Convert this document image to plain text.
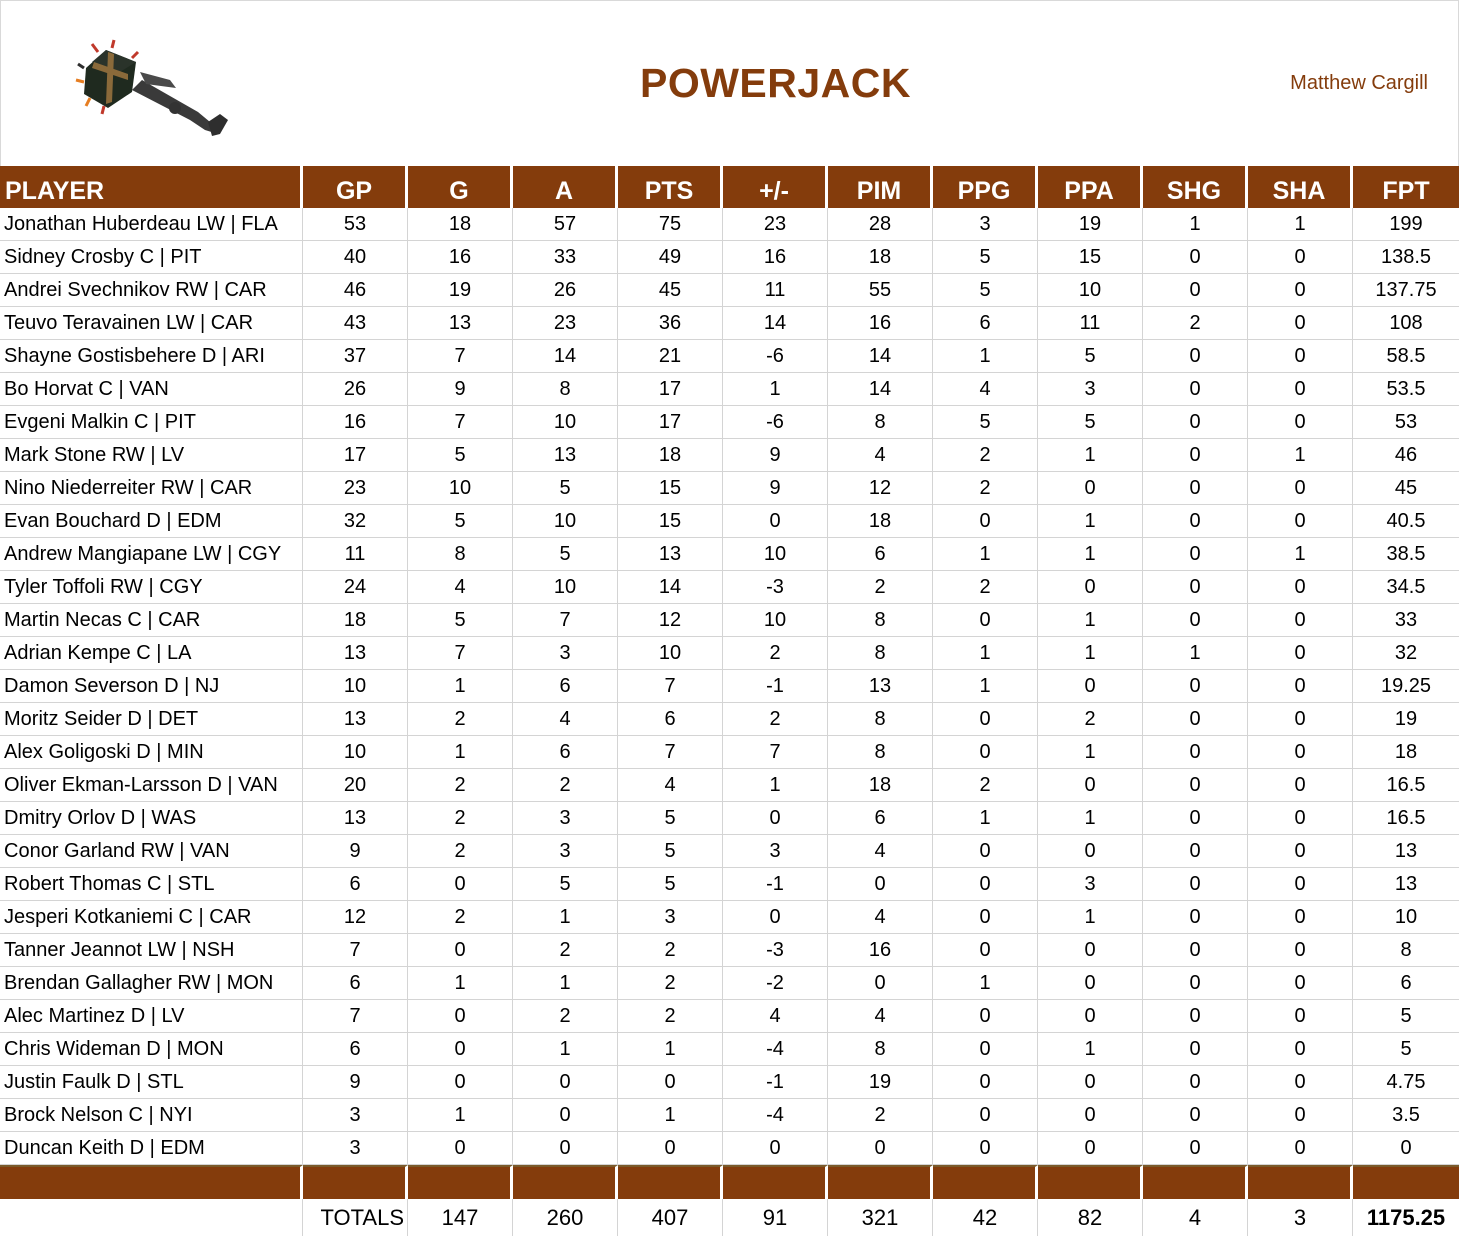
POWERJACK	Matthew Cargill
PLAYER	GP	G	A	PTS	+/-	PIM	PPG	PPA	SHG	SHA	FPT
Jonathan Huberdeau LW | FLA	53	18	57	75	23	28	3	19	1	1	199
Sidney Crosby C | PIT	40	16	33	49	16	18	5	15	0	0	138.5
Andrei Svechnikov RW | CAR	46	19	26	45	11	55	5	10	0	0	137.75
Teuvo Teravainen LW | CAR	43	13	23	36	14	16	6	11	2	0	108
Shayne Gostisbehere D | ARI	37	7	14	21	-6	14	1	5	0	0	58.5
Bo Horvat C | VAN	26	9	8	17	1	14	4	3	0	0	53.5
Evgeni Malkin C | PIT	16	7	10	17	-6	8	5	5	0	0	53
Mark Stone RW | LV	17	5	13	18	9	4	2	1	0	1	46
Nino Niederreiter RW | CAR	23	10	5	15	9	12	2	0	0	0	45
Evan Bouchard D | EDM	32	5	10	15	0	18	0	1	0	0	40.5
Andrew Mangiapane LW | CGY	11	8	5	13	10	6	1	1	0	1	38.5
Tyler Toffoli RW | CGY	24	4	10	14	-3	2	2	0	0	0	34.5
Martin Necas C | CAR	18	5	7	12	10	8	0	1	0	0	33
Adrian Kempe C | LA	13	7	3	10	2	8	1	1	1	0	32
Damon Severson D | NJ	10	1	6	7	-1	13	1	0	0	0	19.25
Moritz Seider D | DET	13	2	4	6	2	8	0	2	0	0	19
Alex Goligoski D | MIN	10	1	6	7	7	8	0	1	0	0	18
Oliver Ekman-Larsson D | VAN	20	2	2	4	1	18	2	0	0	0	16.5
Dmitry Orlov D | WAS	13	2	3	5	0	6	1	1	0	0	16.5
Conor Garland RW | VAN	9	2	3	5	3	4	0	0	0	0	13
Robert Thomas C | STL	6	0	5	5	-1	0	0	3	0	0	13
Jesperi Kotkaniemi C | CAR	12	2	1	3	0	4	0	1	0	0	10
Tanner Jeannot LW | NSH	7	0	2	2	-3	16	0	0	0	0	8
Brendan Gallagher RW | MON	6	1	1	2	-2	0	1	0	0	0	6
Alec Martinez D | LV	7	0	2	2	4	4	0	0	0	0	5
Chris Wideman D | MON	6	0	1	1	-4	8	0	1	0	0	5
Justin Faulk D | STL	9	0	0	0	-1	19	0	0	0	0	4.75
Brock Nelson C | NYI	3	1	0	1	-4	2	0	0	0	0	3.5
Duncan Keith D | EDM	3	0	0	0	0	0	0	0	0	0	0

	TOTALS	147	260	407	91	321	42	82	4	3	1175.25
